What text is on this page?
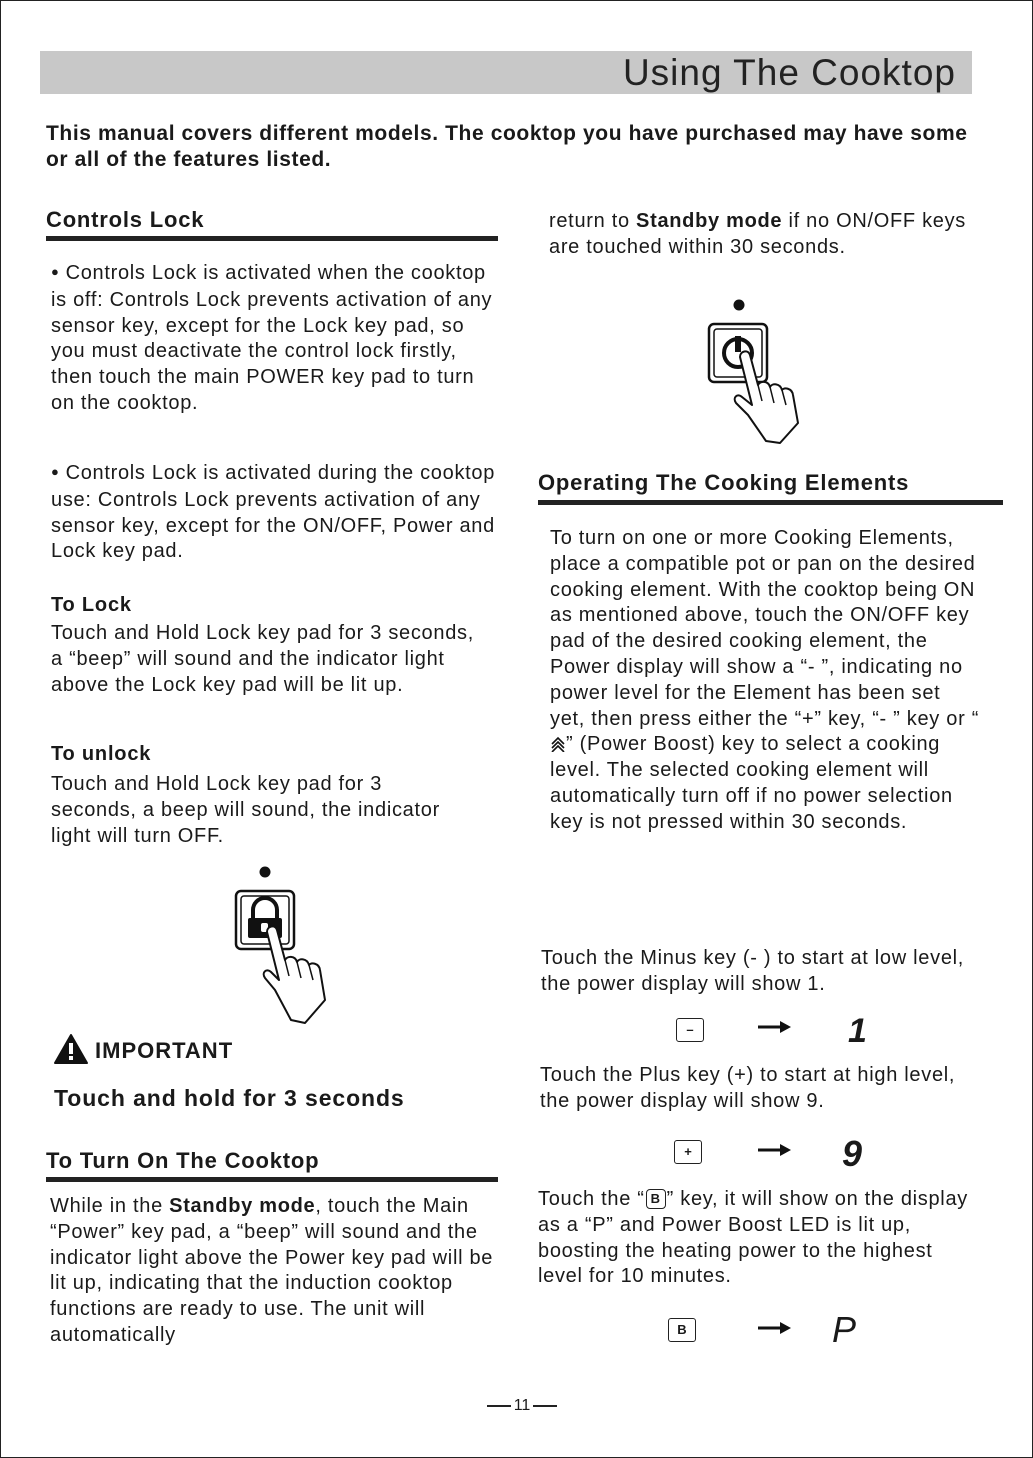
Using The Cooktop
This manual covers different models. The cooktop you have purchased may have some or all of the features listed.
Controls Lock
● Controls Lock is activated when the cooktop is off: Controls Lock prevents activation of any sensor key, except for the Lock key pad, so you must deactivate the control lock firstly, then touch the main POWER key pad to turn on the cooktop.
● Controls Lock is activated during the cooktop use: Controls Lock prevents activation of any sensor key, except for the ON/OFF, Power and Lock key pad.
To Lock
Touch and Hold Lock key pad for 3 seconds, a “beep” will sound and the indicator light above the Lock key pad will be lit up.
To unlock
Touch and Hold Lock key pad for 3 seconds, a beep will sound, the indicator light will turn OFF.
IMPORTANT
Touch and hold for 3 seconds
To Turn On The Cooktop
While in the Standby mode, touch the Main “Power” key pad, a “beep” will sound and the indicator light above the Power key pad will be lit up, indicating that the induction cooktop functions are ready to use. The unit will automatically
return to Standby mode if no ON/OFF keys are touched within 30 seconds.
Operating The Cooking Elements
To turn on one or more Cooking Elements, place a compatible pot or pan on the desired cooking element. With the cooktop being ON as mentioned above, touch the ON/OFF key pad of the desired cooking element, the Power display will show a “- ”, indicating no power level for the Element has been set yet, then press either the “+” key, “- ” key or “” (Power Boost) key to select a cooking level. The selected cooking element will automatically turn off if no power selection key is not pressed within 30 seconds.
Touch the Minus key (- ) to start at low level, the power display will show 1.
–	1
Touch the Plus key (+) to start at high level, the power display will show 9.
+	9
Touch the “ B ” key, it will show on the display as a “P” and Power Boost LED is lit up, boosting the heating power to the highest level for 10 minutes.
B	P
11
